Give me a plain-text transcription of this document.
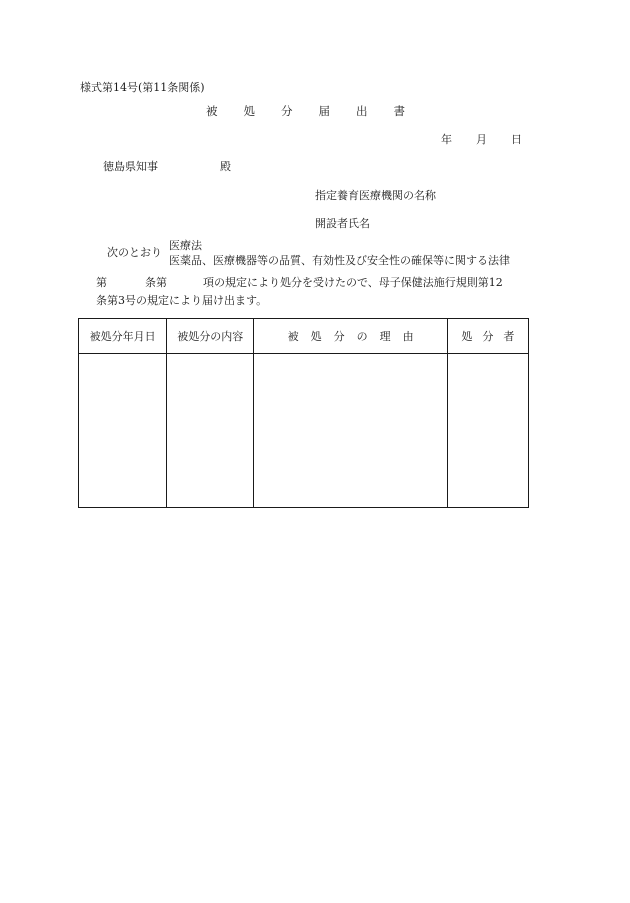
様式第14号(第11条関係)
被 処 分 届 出 書
年 月 日
徳島県知事	殿
指定養育医療機関の名称
開設者氏名
次のとおり
医療法
医薬品、医療機器等の品質、有効性及び安全性の確保等に関する法律
第	条第	項の規定により処分を受けたので、母子保健法施行規則第12
条第3号の規定により届け出ます。
被処分年月日	被処分の内容	被 処 分 の 理 由	処 分 者
